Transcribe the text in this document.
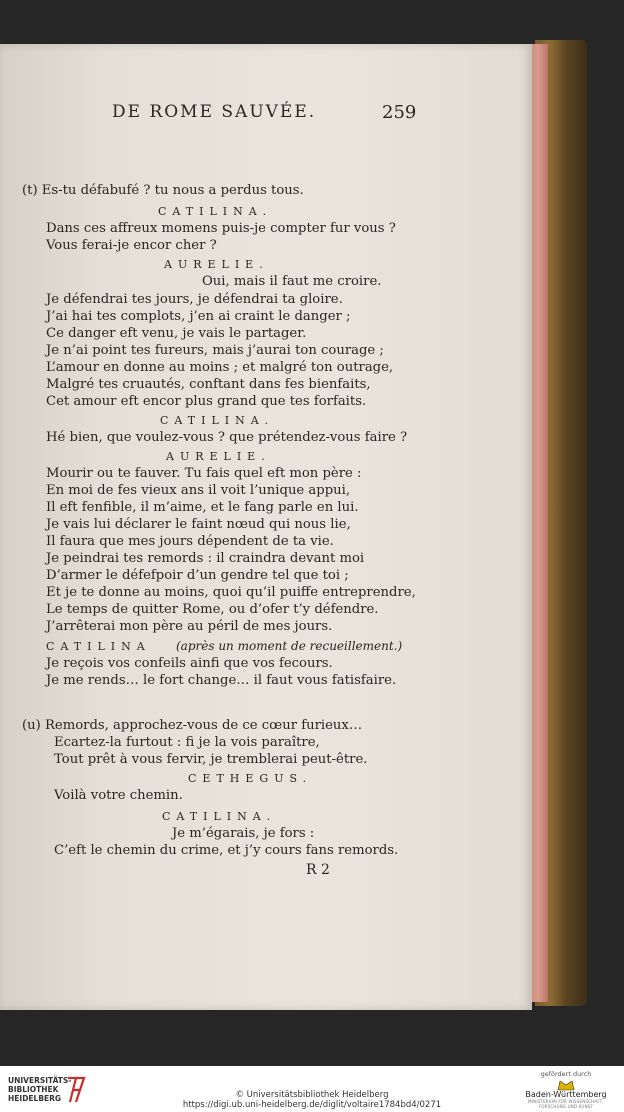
DE ROME SAUVÉE.	259
(t) Es-tu défabufé ? tu nous a perdus tous.
CATILINA.
Dans ces affreux momens puis-je compter fur vous ?
Vous ferai-je encor cher ?
AURELIE.
Oui, mais il faut me croire.
Je défendrai tes jours, je défendrai ta gloire.
J’ai hai tes complots, j’en ai craint le danger ;
Ce danger eft venu, je vais le partager.
Je n’ai point tes fureurs, mais j’aurai ton courage ;
L’amour en donne au moins ; et malgré ton outrage,
Malgré tes cruautés, conftant dans fes bienfaits,
Cet amour eft encor plus grand que tes forfaits.
CATILINA.
Hé bien, que voulez-vous ? que prétendez-vous faire ?
AURELIE.
Mourir ou te fauver. Tu fais quel eft mon père :
En moi de fes vieux ans il voit l’unique appui,
Il eft fenfible, il m’aime, et le fang parle en lui.
Je vais lui déclarer le faint nœud qui nous lie,
Il faura que mes jours dépendent de ta vie.
Je peindrai tes remords : il craindra devant moi
D’armer le défefpoir d’un gendre tel que toi ;
Et je te donne au moins, quoi qu’il puiffe entreprendre,
Le temps de quitter Rome, ou d’ofer t’y défendre.
J’arrêterai mon père au péril de mes jours.
CATILINA (après un moment de recueillement.)
Je reçois vos confeils ainfi que vos fecours.
Je me rends… le fort change… il faut vous fatisfaire.
(u) Remords, approchez-vous de ce cœur furieux…
Ecartez-la furtout : fi je la vois paraître,
Tout prêt à vous fervir, je tremblerai peut-être.
CETHEGUS.
Voilà votre chemin.
CATILINA.
Je m’égarais, je fors :
C’eft le chemin du crime, et j’y cours fans remords.
R 2
UNIVERSITÄTS-
BIBLIOTHEK
HEIDELBERG	© Universitätsbibliothek Heidelberg
https://digi.ub.uni-heidelberg.de/diglit/voltaire1784bd4/0271
gefördert durch
Baden-Württemberg
MINISTERIUM FÜR WISSENSCHAFT, FORSCHUNG UND KUNST
